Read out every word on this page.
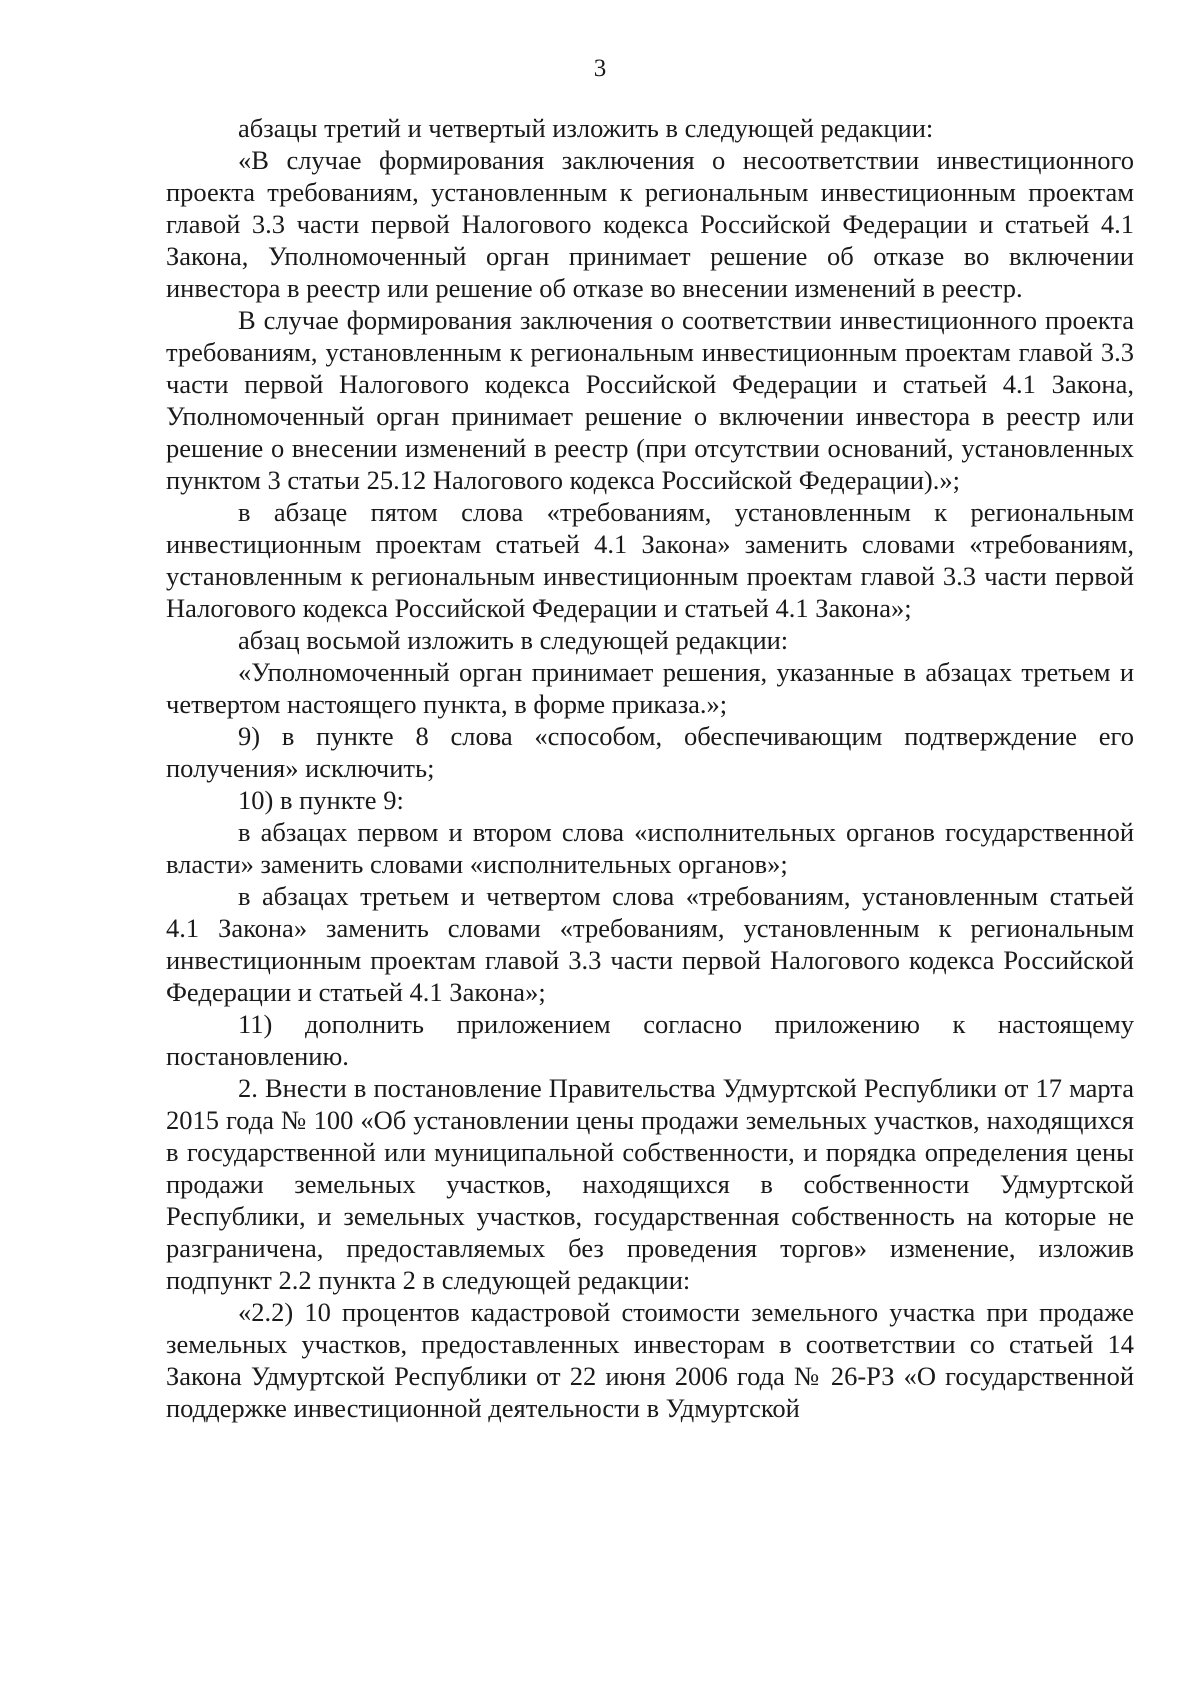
3

абзацы третий и четвертый изложить в следующей редакции:

«В случае формирования заключения о несоответствии инвестиционного проекта требованиям, установленным к региональным инвестиционным проектам главой 3.3 части первой Налогового кодекса Российской Федерации и статьей 4.1 Закона, Уполномоченный орган принимает решение об отказе во включении инвестора в реестр или решение об отказе во внесении изменений в реестр.

В случае формирования заключения о соответствии инвестиционного проекта требованиям, установленным к региональным инвестиционным проектам главой 3.3 части первой Налогового кодекса Российской Федерации и статьей 4.1 Закона, Уполномоченный орган принимает решение о включении инвестора в реестр или решение о внесении изменений в реестр (при отсутствии оснований, установленных пунктом 3 статьи 25.12 Налогового кодекса Российской Федерации).»;

в абзаце пятом слова «требованиям, установленным к региональным инвестиционным проектам статьей 4.1 Закона» заменить словами «требованиям, установленным к региональным инвестиционным проектам главой 3.3 части первой Налогового кодекса Российской Федерации и статьей 4.1 Закона»;

абзац восьмой изложить в следующей редакции:

«Уполномоченный орган принимает решения, указанные в абзацах третьем и четвертом настоящего пункта, в форме приказа.»;

9) в пункте 8 слова «способом, обеспечивающим подтверждение его получения» исключить;

10) в пункте 9:

в абзацах первом и втором слова «исполнительных органов государственной власти» заменить словами «исполнительных органов»;

в абзацах третьем и четвертом слова «требованиям, установленным статьей 4.1 Закона» заменить словами «требованиям, установленным к региональным инвестиционным проектам главой 3.3 части первой Налогового кодекса Российской Федерации и статьей 4.1 Закона»;

11) дополнить приложением согласно приложению к настоящему постановлению.

2. Внести в постановление Правительства Удмуртской Республики от 17 марта 2015 года № 100 «Об установлении цены продажи земельных участков, находящихся в государственной или муниципальной собственности, и порядка определения цены продажи земельных участков, находящихся в собственности Удмуртской Республики, и земельных участков, государственная собственность на которые не разграничена, предоставляемых без проведения торгов» изменение, изложив подпункт 2.2 пункта 2 в следующей редакции:

«2.2) 10 процентов кадастровой стоимости земельного участка при продаже земельных участков, предоставленных инвесторам в соответствии со статьей 14 Закона Удмуртской Республики от 22 июня 2006 года № 26-РЗ «О государственной поддержке инвестиционной деятельности в Удмуртской
